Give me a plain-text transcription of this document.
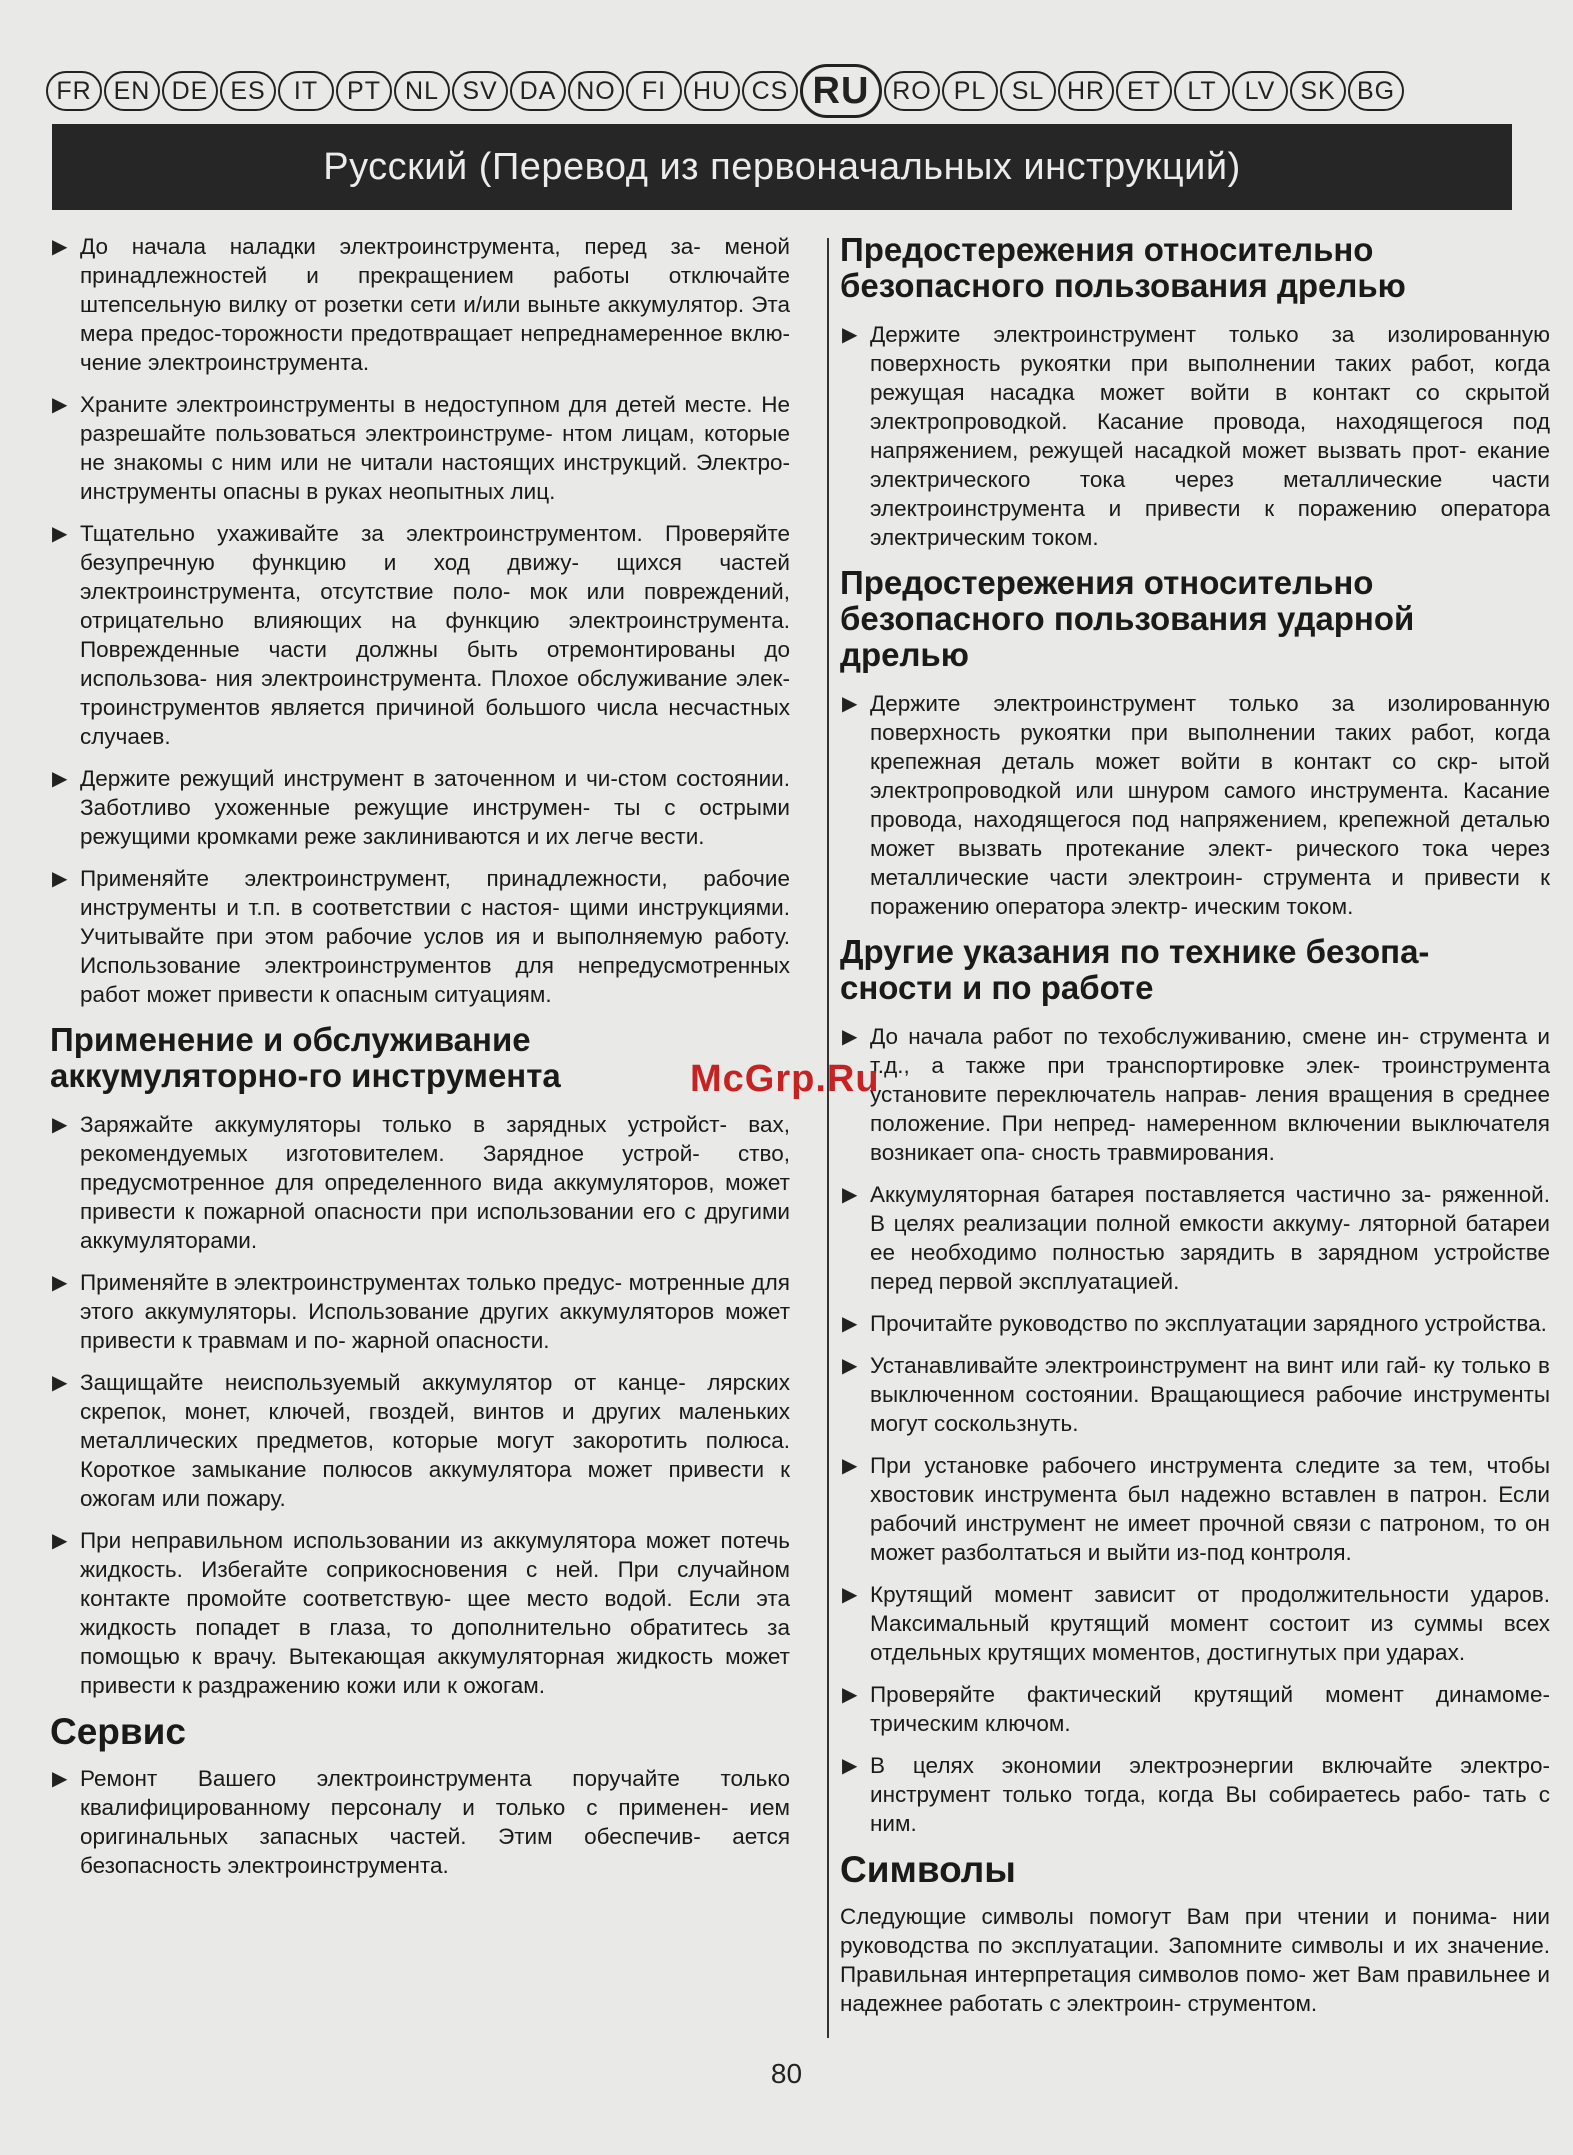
FR EN DE ES	IT	PT NL SV DA NO	FI	HU CS RU RO PL	SL HR ET	LT	LV SK BG
Русский (Перевод из первоначальных инструкций)
▶ До начала наладки электроинструмента, перед за- меной принадлежностей и прекращением работы отключайте штепсельную вилку от розетки сети и/или выньте аккумулятор. Эта мера предос-торожности предотвращает непреднамеренное вклю-чение электроинструмента.
▶ Храните электроинструменты в недоступном для детей месте. Не разрешайте пользоваться электроинструме- нтом лицам, которые не знакомы с ним или не читали настоящих инструкций. Электро-инструменты опасны в руках неопытных лиц.
▶ Тщательно ухаживайте за электроинструментом. Проверяйте безупречную функцию и ход движу- щихся частей электроинструмента, отсутствие поло- мок или повреждений, отрицательно влияющих на функцию электроинструмента. Поврежденные части должны быть отремонтированы до использова- ния электроинструмента. Плохое обслуживание элек- троинструментов является причиной большого числа несчастных случаев.
▶ Держите режущий инструмент в заточенном и чи-стом состоянии. Заботливо ухоженные режущие инструмен- ты с острыми режущими кромками реже заклиниваются и их легче вести.
▶ Применяйте электроинструмент, принадлежности, рабочие инструменты и т.п. в соответствии с настоя- щими инструкциями. Учитывайте при этом рабочие услов ия и выполняемую работу. Использование электроинструментов для непредусмотренных работ может привести к опасным ситуациям.
Применение и обслуживание аккумуляторно-го инструмента
▶ Заряжайте аккумуляторы только в зарядных устройст- вах, рекомендуемых изготовителем. Зарядное устрой- ство, предусмотренное для определенного вида аккумуляторов, может привести к пожарной опасности при использовании его с другими аккумуляторами.
▶ Применяйте в электроинструментах только предус- мотренные для этого аккумуляторы. Использование других аккумуляторов может привести к травмам и по- жарной опасности.
▶ Защищайте неиспользуемый аккумулятор от канце- лярских скрепок, монет, ключей, гвоздей, винтов и других маленьких металлических предметов, которые могут закоротить полюса. Короткое замыкание полюсов аккумулятора может привести к ожогам или пожару.
▶ При неправильном использовании из аккумулятора может потечь жидкость. Избегайте соприкосновения с ней. При случайном контакте промойте соответствую- щее место водой. Если эта жидкость попадет в глаза, то дополнительно обратитесь за помощью к врачу. Вытекающая аккумуляторная жидкость может привести к раздражению кожи или к ожогам.
Сервис
▶ Ремонт Вашего электроинструмента поручайте только квалифицированному персоналу и только с применен- ием оригинальных запасных частей. Этим обеспечив- ается безопасность электроинструмента.
Предостережения относительно безопасного пользования дрелью
▶ Держите электроинструмент только за изолированную поверхность рукоятки при выполнении таких работ, когда режущая насадка может войти в контакт со скрытой электропроводкой. Касание провода, находящегося под напряжением, режущей насадкой может вызвать прот- екание электрического тока через металлические части электроинструмента и привести к поражению оператора электрическим током.
Предостережения относительно безопасного пользования ударной дрелью
▶ Держите электроинструмент только за изолированную поверхность рукоятки при выполнении таких работ, когда крепежная деталь может войти в контакт со скр- ытой электропроводкой или шнуром самого инструмента. Касание провода, находящегося под напряжением, крепежной деталью может вызвать протекание элект- рического тока через металлические части электроин- струмента и привести к поражению оператора электр- ическим током.
Другие указания по технике безопа- сности и по работе
▶ До начала работ по техобслуживанию, смене ин- струмента и т.д., а также при транспортировке элек- троинструмента установите переключатель направ- ления вращения в среднее положение. При непред- намеренном включении выключателя возникает опа- сность травмирования.
▶ Аккумуляторная батарея поставляется частично за- ряженной. В целях реализации полной емкости аккуму- ляторной батареи ее необходимо полностью зарядить в зарядном устройстве перед первой эксплуатацией.
▶ Прочитайте руководство по эксплуатации зарядного устройства.
▶ Устанавливайте электроинструмент на винт или гай- ку только в выключенном состоянии. Вращающиеся рабочие инструменты могут соскользнуть.
▶ При установке рабочего инструмента следите за тем, чтобы хвостовик инструмента был надежно вставлен в патрон. Если рабочий инструмент не имеет прочной связи с патроном, то он может разболтаться и выйти из-под контроля.
▶ Крутящий момент зависит от продолжительности ударов. Максимальный крутящий момент состоит из суммы всех отдельных крутящих моментов, достигнутых при ударах.
▶ Проверяйте фактический крутящий момент динамоме- трическим ключом.
▶ В целях экономии электроэнергии включайте электро- инструмент только тогда, когда Вы собираетесь рабо- тать с ним.
Символы
Следующие символы помогут Вам при чтении и понима- нии руководства по эксплуатации. Запомните символы и их значение. Правильная интерпретация символов помо- жет Вам правильнее и надежнее работать с электроин- струментом.
McGrp.Ru
80
